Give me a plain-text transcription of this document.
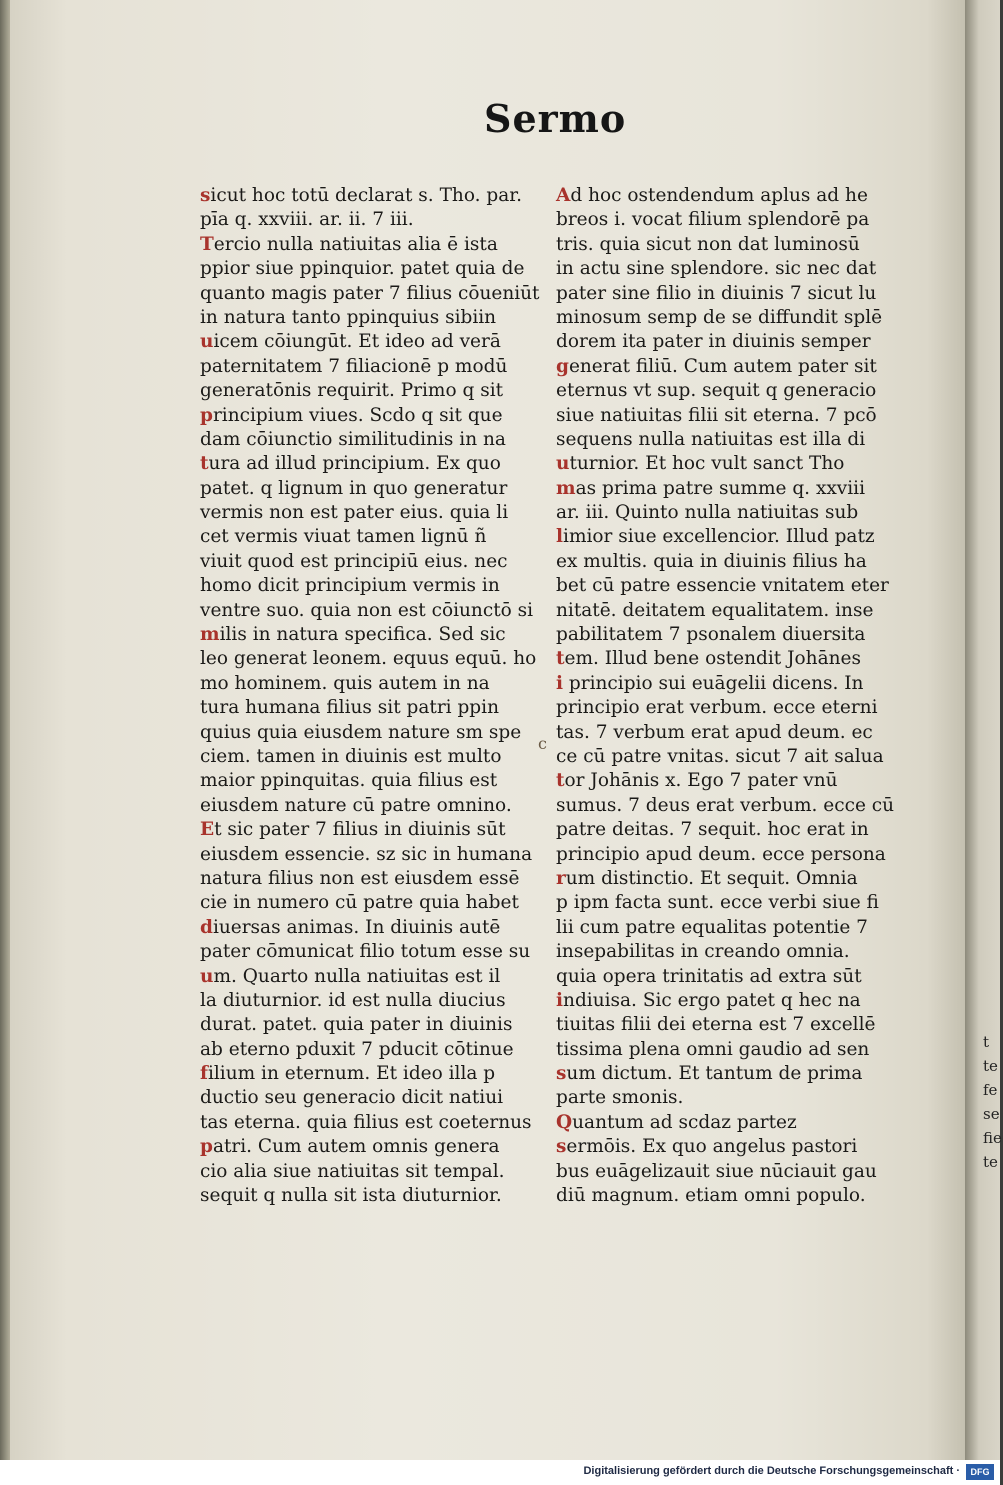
t
te
fe
se
fie
te
Sermo
sicut hoc totū declarat s. Tho. par.
pīa q. xxviii. ar. ii. 7 iii.
Tercio nulla natiuitas alia ē ista
ppior siue ppinquior. patet quia de
quanto magis pater 7 filius cōueniūt
in natura tanto ppinquius sibiin
uicem cōiungūt. Et ideo ad verā
paternitatem 7 filiacionē p modū
generatōnis requirit. Primo q sit
principium viues. Scdo q sit que
dam cōiunctio similitudinis in na
tura ad illud principium. Ex quo
patet. q lignum in quo generatur
vermis non est pater eius. quia li
cet vermis viuat tamen lignū ñ
viuit quod est principiū eius. nec
homo dicit principium vermis in
ventre suo. quia non est cōiunctō si
milis in natura specifica. Sed sic
leo generat leonem. equus equū. ho
mo hominem. quis autem in na
tura humana filius sit patri ppin
quius quia eiusdem nature sm spe
ciem. tamen in diuinis est multo
maior ppinquitas. quia filius est
eiusdem nature cū patre omnino.
Et sic pater 7 filius in diuinis sūt
eiusdem essencie. sz sic in humana
natura filius non est eiusdem essē
cie in numero cū patre quia habet
diuersas animas. In diuinis autē
pater cōmunicat filio totum esse su
um. Quarto nulla natiuitas est il
la diuturnior. id est nulla diucius
durat. patet. quia pater in diuinis
ab eterno pduxit 7 pducit cōtinue
filium in eternum. Et ideo illa p
ductio seu generacio dicit natiui
tas eterna. quia filius est coeternus
patri. Cum autem omnis genera
cio alia siue natiuitas sit tempal.
sequit q nulla sit ista diuturnior.
Ad hoc ostendendum aplus ad he
breos i. vocat filium splendorē pa
tris. quia sicut non dat luminosū
in actu sine splendore. sic nec dat
pater sine filio in diuinis 7 sicut lu
minosum semp de se diffundit splē
dorem ita pater in diuinis semper
generat filiū. Cum autem pater sit
eternus vt sup. sequit q generacio
siue natiuitas filii sit eterna. 7 pcō
sequens nulla natiuitas est illa di
uturnior. Et hoc vult sanct Tho
mas prima patre summe q. xxviii
ar. iii. Quinto nulla natiuitas sub
limior siue excellencior. Illud patz
ex multis. quia in diuinis filius ha
bet cū patre essencie vnitatem eter
nitatē. deitatem equalitatem. inse
pabilitatem 7 psonalem diuersita
tem. Illud bene ostendit Johānes
i principio sui euāgelii dicens. In
principio erat verbum. ecce eterni
tas. 7 verbum erat apud deum. ec
ce cū patre vnitas. sicut 7 ait salua
tor Johānis x. Ego 7 pater vnū
sumus. 7 deus erat verbum. ecce cū
patre deitas. 7 sequit. hoc erat in
principio apud deum. ecce persona
rum distinctio. Et sequit. Omnia
p ipm facta sunt. ecce verbi siue fi
lii cum patre equalitas potentie 7
insepabilitas in creando omnia.
quia opera trinitatis ad extra sūt
indiuisa. Sic ergo patet q hec na
tiuitas filii dei eterna est 7 excellē
tissima plena omni gaudio ad sen
sum dictum. Et tantum de prima
parte smonis.
Quantum ad scdaz partez
sermōis. Ex quo angelus pastori
bus euāgelizauit siue nūciauit gau
diū magnum. etiam omni populo.
c
Digitalisierung gefördert durch die Deutsche Forschungsgemeinschaft ·	DFG
